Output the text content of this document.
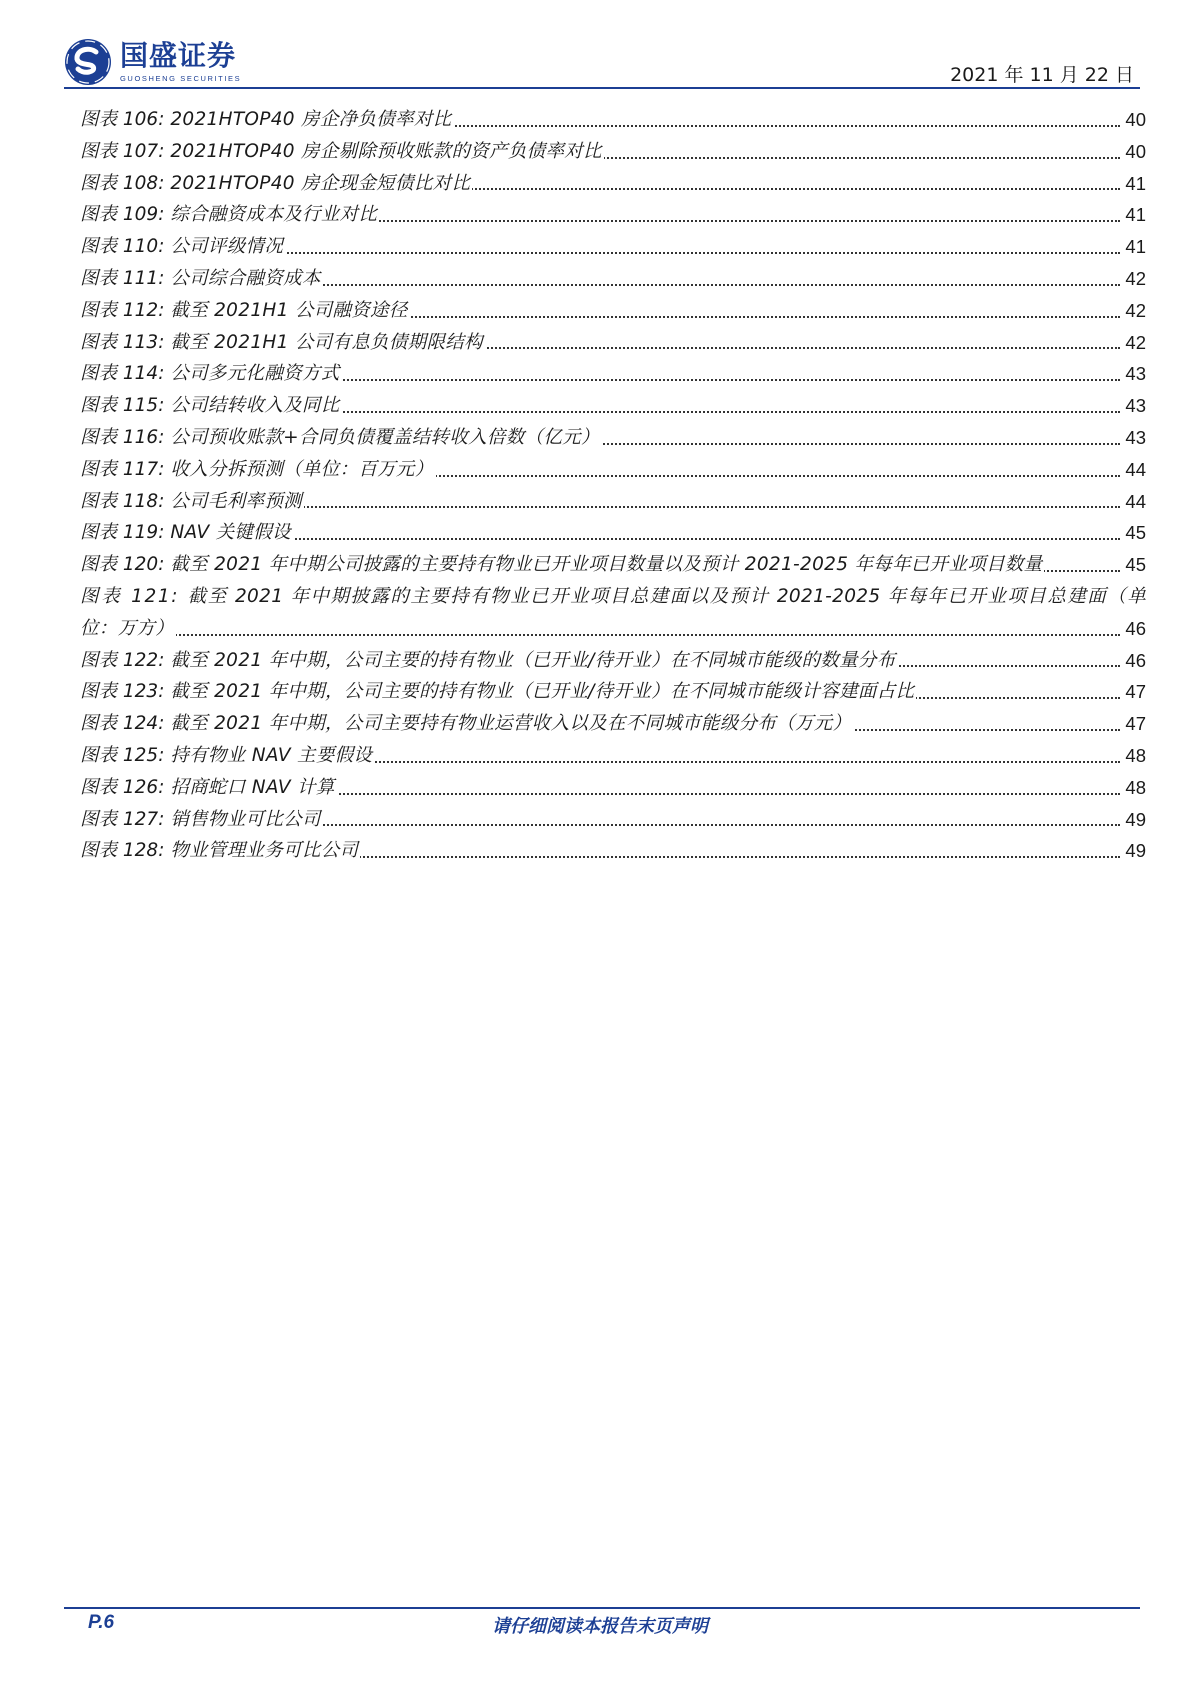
国盛证券
GUOSHENG SECURITIES	2021 年 11 月 22 日
图表 106: 2021HTOP40 房企净负债率对比	40
图表 107: 2021HTOP40 房企剔除预收账款的资产负债率对比	40
图表 108: 2021HTOP40 房企现金短债比对比	41
图表 109: 综合融资成本及行业对比	41
图表 110: 公司评级情况	41
图表 111: 公司综合融资成本	42
图表 112: 截至 2021H1 公司融资途径	42
图表 113: 截至 2021H1 公司有息负债期限结构	42
图表 114: 公司多元化融资方式	43
图表 115: 公司结转收入及同比	43
图表 116: 公司预收账款+合同负债覆盖结转收入倍数（亿元）	43
图表 117: 收入分拆预测（单位：百万元）	44
图表 118: 公司毛利率预测	44
图表 119: NAV 关键假设	45
图表 120: 截至 2021 年中期公司披露的主要持有物业已开业项目数量以及预计 2021-2025 年每年已开业项目数量	45
图表 121: 截至 2021 年中期披露的主要持有物业已开业项目总建面以及预计 2021-2025 年每年已开业项目总建面（单
位：万方）	46
图表 122: 截至 2021 年中期，公司主要的持有物业（已开业/待开业）在不同城市能级的数量分布	46
图表 123: 截至 2021 年中期，公司主要的持有物业（已开业/待开业）在不同城市能级计容建面占比	47
图表 124: 截至 2021 年中期，公司主要持有物业运营收入以及在不同城市能级分布（万元）	47
图表 125: 持有物业 NAV 主要假设	48
图表 126: 招商蛇口 NAV 计算	48
图表 127: 销售物业可比公司	49
图表 128: 物业管理业务可比公司	49
P.6	请仔细阅读本报告末页声明
